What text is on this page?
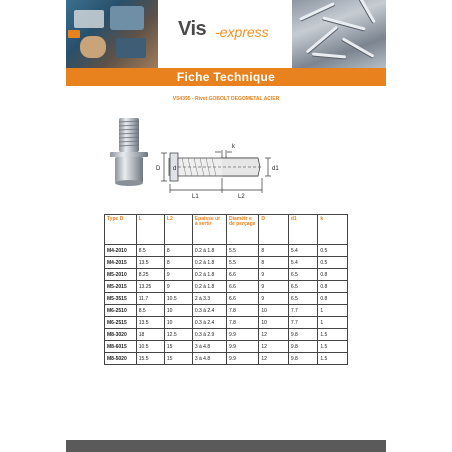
Vis -express
Fiche Technique
VS4395 - Rivet GOBOLT DEGOMETAL ACIER
k
D d	d1
L1	L2
Type D	L	L2	Epaisse ur à sertir	Diamètr e de perçage	D	d1	k
M4-2010	8.5	8	0.2 à 1.8	5.5	8	5.4	0.5
M4-2015	13.5	8	0.2 à 1.8	5.5	8	5.4	0.5
M5-2010	8.25	9	0.2 à 1.8	6.6	9	6.5	0.8
M5-2015	13.25	9	0.2 à 1.8	6.6	9	6.5	0.8
M5-3515	11.7	10.5	2 à 3.3	6.6	9	6.5	0.8
M6-2510	8.5	10	0.3 à 2.4	7.8	10	7.7	1
M6-2515	13.5	10	0.3 à 2.4	7.8	10	7.7	1
M8-3020	18	12.5	0.3 à 2.9	9.9	12	9.8	1.5
M8-6015	10.5	15	3 à 4.8	9.9	12	9.8	1.5
M8-5020	15.5	15	3 à 4.8	9.9	12	9.8	1.5
